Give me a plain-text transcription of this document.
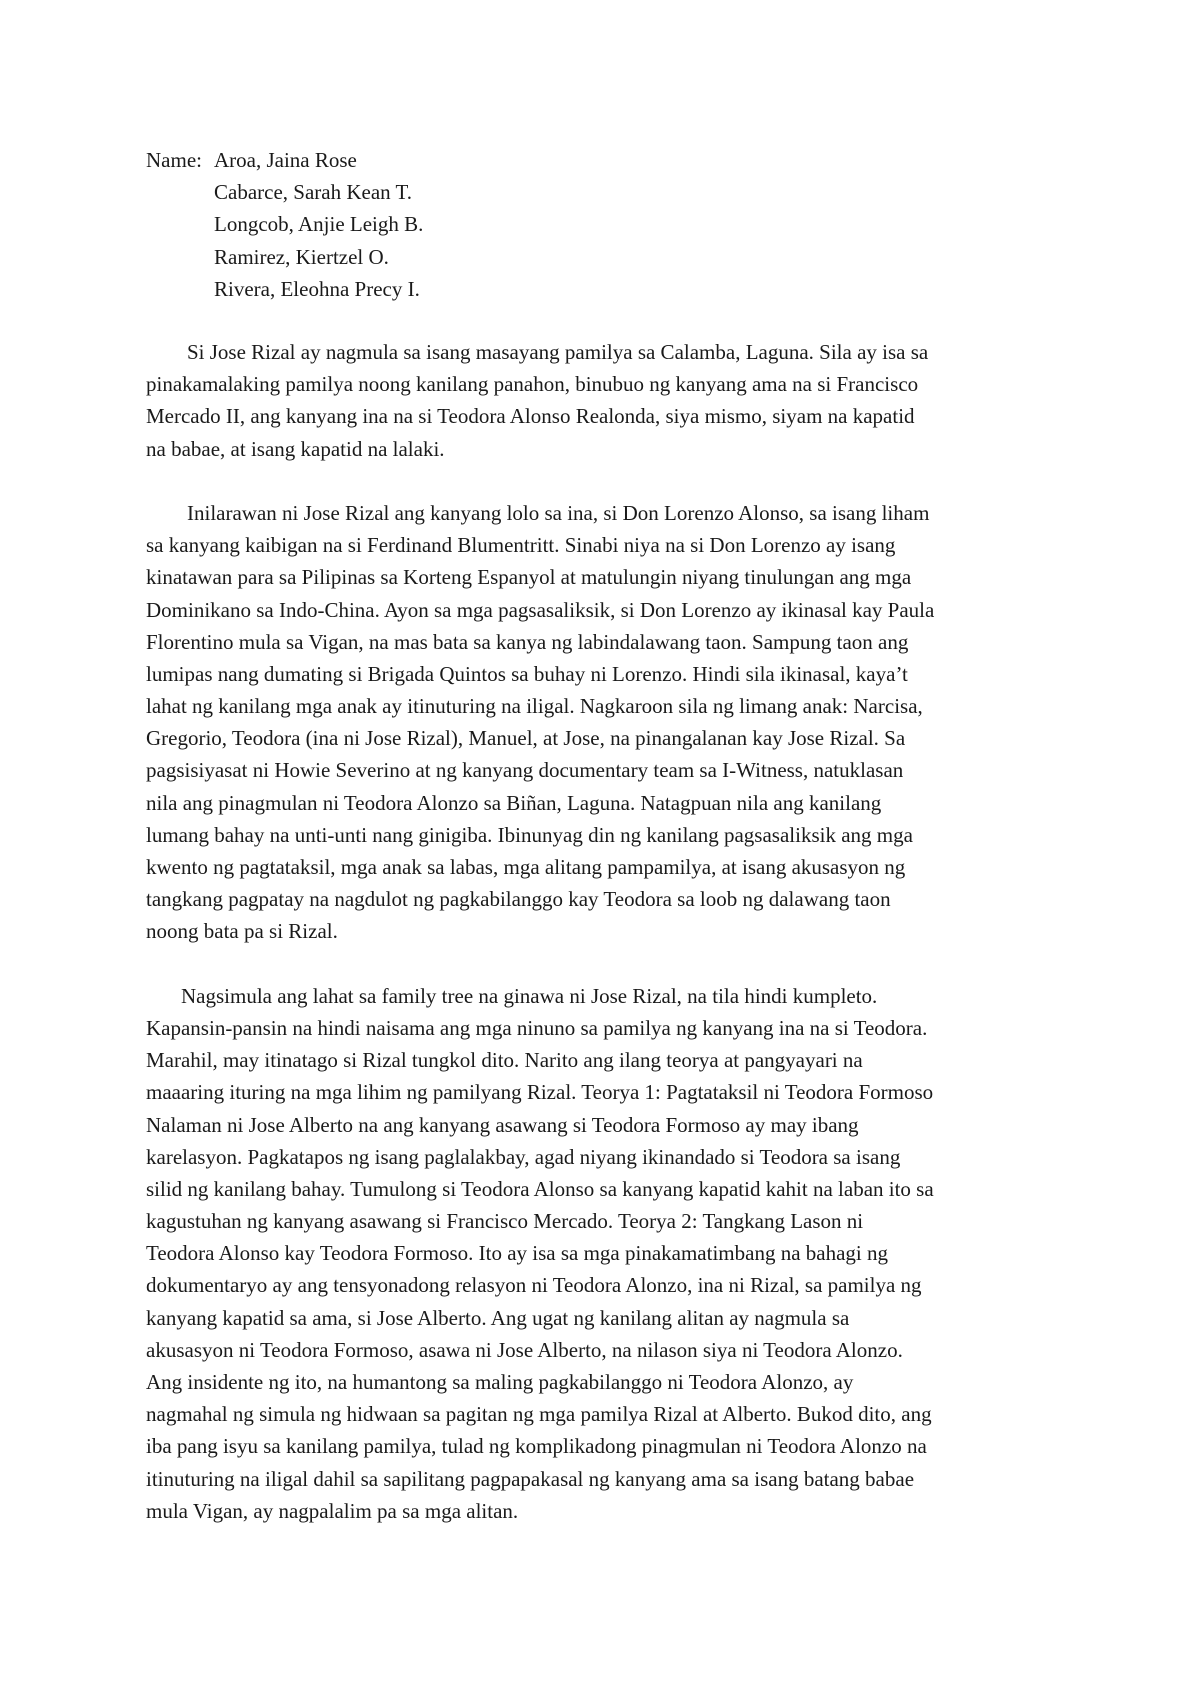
Name: Aroa, Jaina Rose
Cabarce, Sarah Kean T.
Longcob, Anjie Leigh B.
Ramirez, Kiertzel O.
Rivera, Eleohna Precy I.
Si Jose Rizal ay nagmula sa isang masayang pamilya sa Calamba, Laguna. Sila ay isa sa
pinakamalaking pamilya noong kanilang panahon, binubuo ng kanyang ama na si Francisco
Mercado II, ang kanyang ina na si Teodora Alonso Realonda, siya mismo, siyam na kapatid
na babae, at isang kapatid na lalaki.
Inilarawan ni Jose Rizal ang kanyang lolo sa ina, si Don Lorenzo Alonso, sa isang liham
sa kanyang kaibigan na si Ferdinand Blumentritt. Sinabi niya na si Don Lorenzo ay isang
kinatawan para sa Pilipinas sa Korteng Espanyol at matulungin niyang tinulungan ang mga
Dominikano sa Indo-China. Ayon sa mga pagsasaliksik, si Don Lorenzo ay ikinasal kay Paula
Florentino mula sa Vigan, na mas bata sa kanya ng labindalawang taon. Sampung taon ang
lumipas nang dumating si Brigada Quintos sa buhay ni Lorenzo. Hindi sila ikinasal, kaya’t
lahat ng kanilang mga anak ay itinuturing na iligal. Nagkaroon sila ng limang anak: Narcisa,
Gregorio, Teodora (ina ni Jose Rizal), Manuel, at Jose, na pinangalanan kay Jose Rizal. Sa
pagsisiyasat ni Howie Severino at ng kanyang documentary team sa I-Witness, natuklasan
nila ang pinagmulan ni Teodora Alonzo sa Biñan, Laguna. Natagpuan nila ang kanilang
lumang bahay na unti-unti nang ginigiba. Ibinunyag din ng kanilang pagsasaliksik ang mga
kwento ng pagtataksil, mga anak sa labas, mga alitang pampamilya, at isang akusasyon ng
tangkang pagpatay na nagdulot ng pagkabilanggo kay Teodora sa loob ng dalawang taon
noong bata pa si Rizal.
Nagsimula ang lahat sa family tree na ginawa ni Jose Rizal, na tila hindi kumpleto.
Kapansin-pansin na hindi naisama ang mga ninuno sa pamilya ng kanyang ina na si Teodora.
Marahil, may itinatago si Rizal tungkol dito. Narito ang ilang teorya at pangyayari na
maaaring ituring na mga lihim ng pamilyang Rizal. Teorya 1: Pagtataksil ni Teodora Formoso
Nalaman ni Jose Alberto na ang kanyang asawang si Teodora Formoso ay may ibang
karelasyon. Pagkatapos ng isang paglalakbay, agad niyang ikinandado si Teodora sa isang
silid ng kanilang bahay. Tumulong si Teodora Alonso sa kanyang kapatid kahit na laban ito sa
kagustuhan ng kanyang asawang si Francisco Mercado. Teorya 2: Tangkang Lason ni
Teodora Alonso kay Teodora Formoso. Ito ay isa sa mga pinakamatimbang na bahagi ng
dokumentaryo ay ang tensyonadong relasyon ni Teodora Alonzo, ina ni Rizal, sa pamilya ng
kanyang kapatid sa ama, si Jose Alberto. Ang ugat ng kanilang alitan ay nagmula sa
akusasyon ni Teodora Formoso, asawa ni Jose Alberto, na nilason siya ni Teodora Alonzo.
Ang insidente ng ito, na humantong sa maling pagkabilanggo ni Teodora Alonzo, ay
nagmahal ng simula ng hidwaan sa pagitan ng mga pamilya Rizal at Alberto. Bukod dito, ang
iba pang isyu sa kanilang pamilya, tulad ng komplikadong pinagmulan ni Teodora Alonzo na
itinuturing na iligal dahil sa sapilitang pagpapakasal ng kanyang ama sa isang batang babae
mula Vigan, ay nagpalalim pa sa mga alitan.
